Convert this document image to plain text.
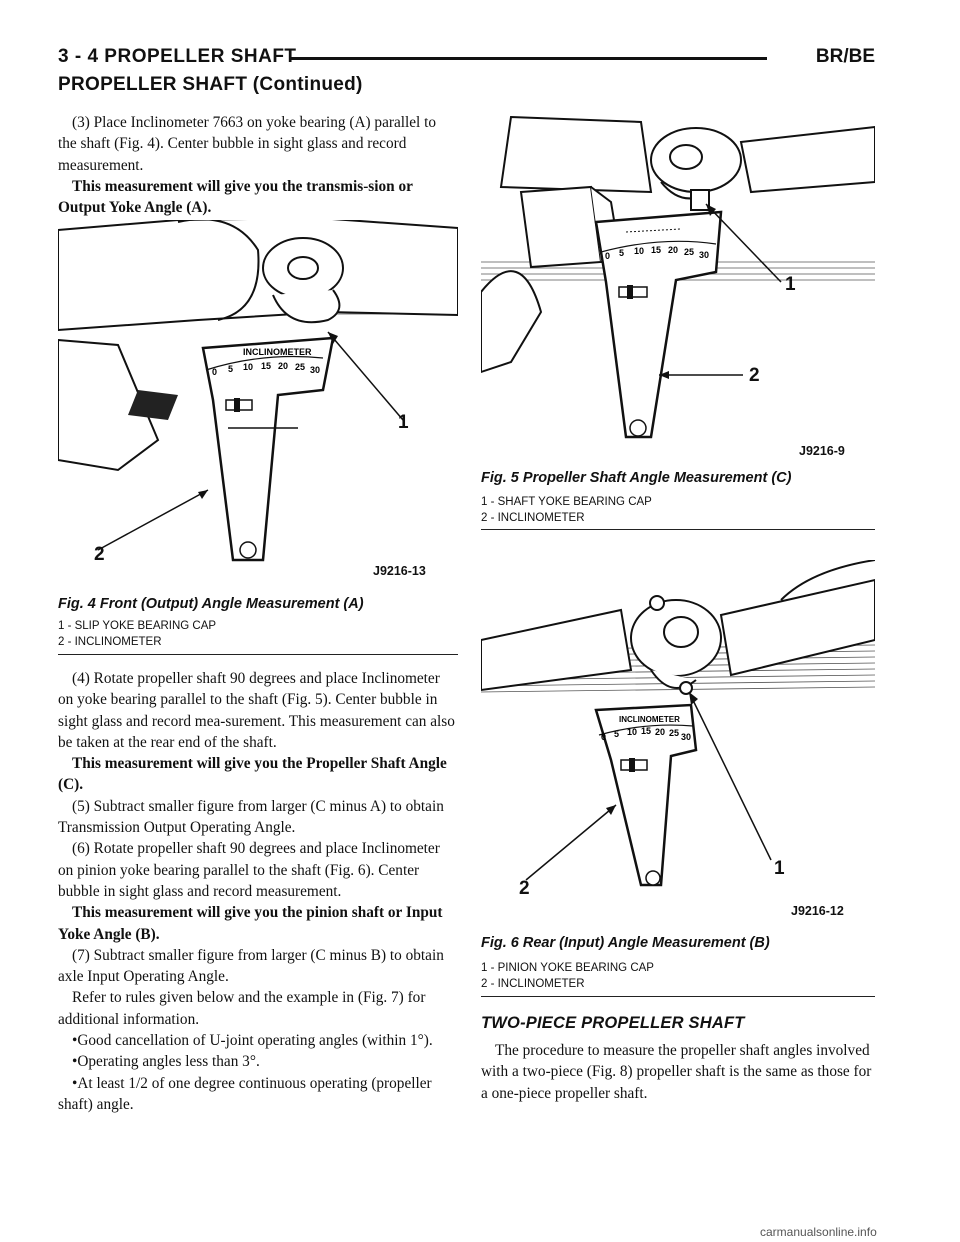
3 - 4 PROPELLER SHAFT	BR/BE
PROPELLER SHAFT (Continued)

(3) Place Inclinometer 7663 on yoke bearing (A) parallel to the shaft (Fig. 4). Center bubble in sight glass and record measurement.

This measurement will give you the transmis-sion or Output Yoke Angle (A).

INCLINOMETER
0 5 10 15 20 25 30
1
2
J9216-13
Fig. 4 Front (Output) Angle Measurement (A)
1 - SLIP YOKE BEARING CAP
2 - INCLINOMETER

(4) Rotate propeller shaft 90 degrees and place Inclinometer on yoke bearing parallel to the shaft (Fig. 5). Center bubble in sight glass and record mea-surement. This measurement can also be taken at the rear end of the shaft.

This measurement will give you the Propeller Shaft Angle (C).

(5) Subtract smaller figure from larger (C minus A) to obtain Transmission Output Operating Angle.

(6) Rotate propeller shaft 90 degrees and place Inclinometer on pinion yoke bearing parallel to the shaft (Fig. 6). Center bubble in sight glass and record measurement.

This measurement will give you the pinion shaft or Input Yoke Angle (B).

(7) Subtract smaller figure from larger (C minus B) to obtain axle Input Operating Angle.

Refer to rules given below and the example in (Fig. 7) for additional information.

•Good cancellation of U-joint operating angles (within 1°).

•Operating angles less than 3°.

•At least 1/2 of one degree continuous operating (propeller shaft) angle.

0 5 10 15 20 25 30
1
2
J9216-9
Fig. 5 Propeller Shaft Angle Measurement (C)
1 - SHAFT YOKE BEARING CAP
2 - INCLINOMETER
INCLINOMETER
0 5 10 15 20 25 30
1
2
J9216-12
Fig. 6 Rear (Input) Angle Measurement (B)
1 - PINION YOKE BEARING CAP
2 - INCLINOMETER
TWO-PIECE PROPELLER SHAFT

The procedure to measure the propeller shaft angles involved with a two-piece (Fig. 8) propeller shaft is the same as those for a one-piece propeller shaft.

carmanualsonline.info
